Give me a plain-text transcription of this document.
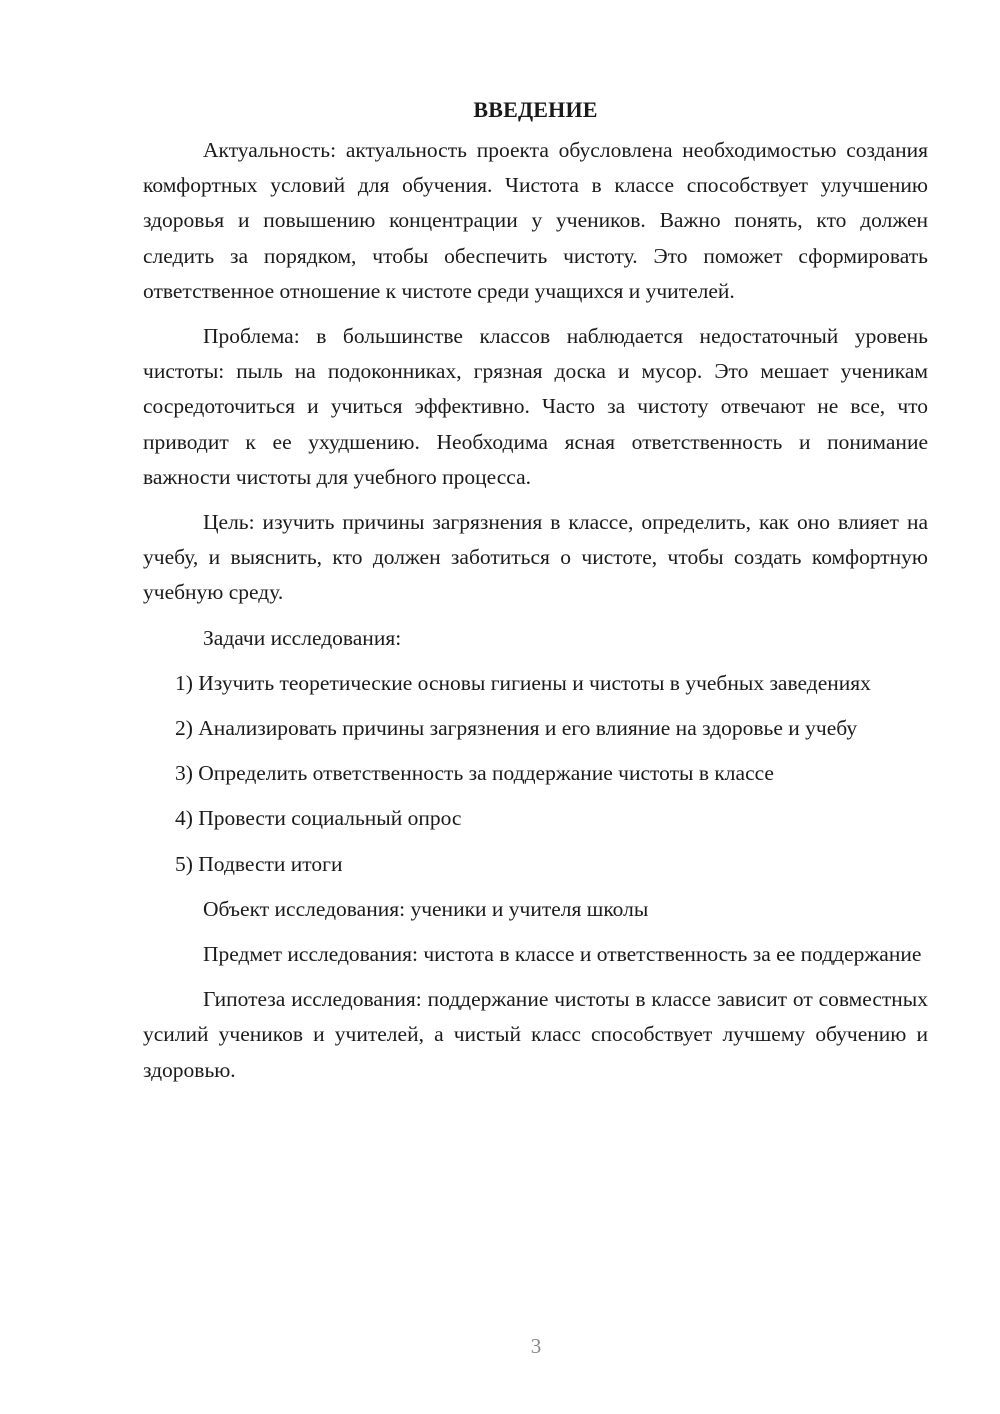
ВВЕДЕНИЕ

Актуальность: актуальность проекта обусловлена необходимостью создания комфортных условий для обучения. Чистота в классе способствует улучшению здоровья и повышению концентрации у учеников. Важно понять, кто должен следить за порядком, чтобы обеспечить чистоту. Это поможет сформировать ответственное отношение к чистоте среди учащихся и учителей.

Проблема: в большинстве классов наблюдается недостаточный уровень чистоты: пыль на подоконниках, грязная доска и мусор. Это мешает ученикам сосредоточиться и учиться эффективно. Часто за чистоту отвечают не все, что приводит к ее ухудшению. Необходима ясная ответственность и понимание важности чистоты для учебного процесса.

Цель: изучить причины загрязнения в классе, определить, как оно влияет на учебу, и выяснить, кто должен заботиться о чистоте, чтобы создать комфортную учебную среду.

Задачи исследования:

1) Изучить теоретические основы гигиены и чистоты в учебных заведениях

2) Анализировать причины загрязнения и его влияние на здоровье и учебу

3) Определить ответственность за поддержание чистоты в классе

4) Провести социальный опрос

5) Подвести итоги

Объект исследования: ученики и учителя школы

Предмет исследования: чистота в классе и ответственность за ее поддержание

Гипотеза исследования: поддержание чистоты в классе зависит от совместных усилий учеников и учителей, а чистый класс способствует лучшему обучению и здоровью.

3
